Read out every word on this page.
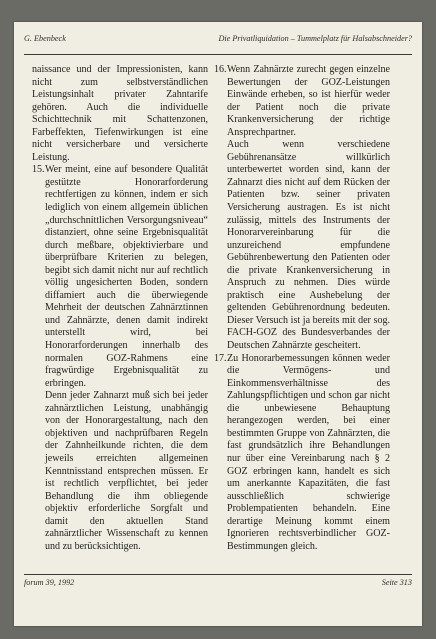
G. Ebenbeck	Die Privatliquidation – Tummelplatz für Halsabschneider?

naissance und der Impressionisten, kann nicht zum selbstverständlichen Leistungsinhalt privater Zahntarife gehören. Auch die individuelle Schichttechnik mit Schattenzonen, Farbeffekten, Tiefenwirkungen ist eine nicht versicherbare und versicherte Leistung.

15. Wer meint, eine auf besondere Qualität gestützte Honorarforderung rechtfertigen zu können, indem er sich lediglich von einem allgemein üblichen „durchschnittlichen Versorgungsniveau“ distanziert, ohne seine Ergebnisqualität durch meßbare, objektivierbare und überprüfbare Kriterien zu belegen, begibt sich damit nicht nur auf rechtlich völlig ungesicherten Boden, sondern diffamiert auch die überwiegende Mehrheit der deutschen Zahnärztinnen und Zahnärzte, denen damit indirekt unterstellt wird, bei Honorarforderungen innerhalb des normalen GOZ-Rahmens eine fragwürdige Ergebnisqualität zu erbringen.

Denn jeder Zahnarzt muß sich bei jeder zahnärztlichen Leistung, unabhängig von der Honorargestaltung, nach den objektiven und nachprüfbaren Regeln der Zahnheilkunde richten, die dem jeweils erreichten allgemeinen Kenntnisstand entsprechen müssen. Er ist rechtlich verpflichtet, bei jeder Behandlung die ihm obliegende objektiv erforderliche Sorgfalt und damit den aktuellen Stand zahnärztlicher Wissenschaft zu kennen und zu berücksichtigen.

16. Wenn Zahnärzte zurecht gegen einzelne Bewertungen der GOZ-Leistungen Einwände erheben, so ist hierfür weder der Patient noch die private Krankenversicherung der richtige Ansprechpartner.

Auch wenn verschiedene Gebührenansätze willkürlich unterbewertet worden sind, kann der Zahnarzt dies nicht auf dem Rücken der Patienten bzw. seiner privaten Versicherung austragen. Es ist nicht zulässig, mittels des Instruments der Honorarvereinbarung für die unzureichend empfundene Gebührenbewertung den Patienten oder die private Krankenversicherung in Anspruch zu nehmen. Dies würde praktisch eine Aushebelung der geltenden Gebührenordnung bedeuten. Dieser Versuch ist ja bereits mit der sog. FACH-GOZ des Bundesverbandes der Deutschen Zahnärzte gescheitert.

17. Zu Honorarbemessungen können weder die Vermögens- und Einkommensverhältnisse des Zahlungspflichtigen und schon gar nicht die unbewiesene Behauptung herangezogen werden, bei einer bestimmten Gruppe von Zahnärzten, die fast grundsätzlich ihre Behandlungen nur über eine Vereinbarung nach § 2 GOZ erbringen kann, handelt es sich um anerkannte Kapazitäten, die fast ausschließlich schwierige Problempatienten behandeln. Eine derartige Meinung kommt einem Ignorieren rechtsverbindlicher GOZ-Bestimmungen gleich.

forum 39, 1992	Seite 313
